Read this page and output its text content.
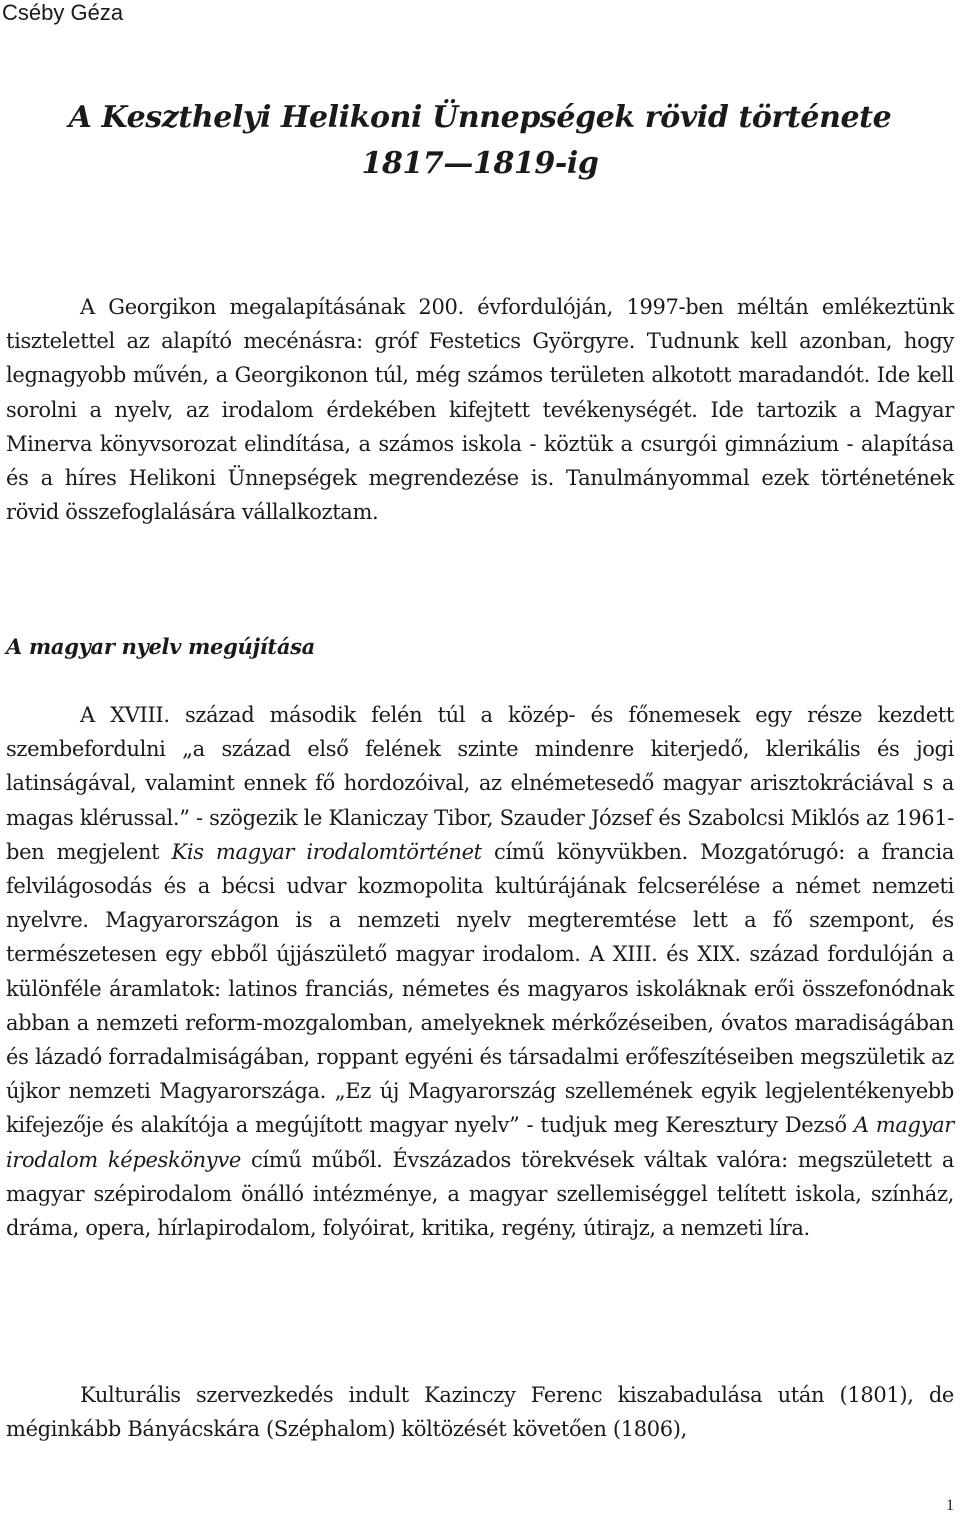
Cséby Géza
A Keszthelyi Helikoni Ünnepségek rövid története
1817—1819-ig
A Georgikon megalapításának 200. évfordulóján, 1997-ben méltán emlékeztünk tisztelettel az alapító mecénásra: gróf Festetics Györgyre. Tudnunk kell azonban, hogy legnagyobb művén, a Georgikonon túl, még számos területen alkotott maradandót. Ide kell sorolni a nyelv, az irodalom érdekében kifejtett tevékenységét. Ide tartozik a Magyar Minerva könyvsorozat elindítása, a számos iskola - köztük a csurgói gimnázium - alapítása és a híres Helikoni Ünnepségek megrendezése is. Tanulmányommal ezek történetének rövid összefoglalására vállalkoztam.
A magyar nyelv megújítása
A XVIII. század második felén túl a közép- és főnemesek egy része kezdett szembefordulni „a század első felének szinte mindenre kiterjedő, klerikális és jogi latinságával, valamint ennek fő hordozóival, az elnémetesedő magyar arisztokráciával s a magas klérussal.” - szögezik le Klaniczay Tibor, Szauder József és Szabolcsi Miklós az 1961-ben megjelent Kis magyar irodalomtörténet című könyvükben. Mozgatórugó: a francia felvilágosodás és a bécsi udvar kozmopolita kultúrájának felcserélése a német nemzeti nyelvre. Magyarországon is a nemzeti nyelv megteremtése lett a fő szempont, és természetesen egy ebből újjászülető magyar irodalom. A XIII. és XIX. század fordulóján a különféle áramlatok: latinos franciás, németes és magyaros iskoláknak erői összefonódnak abban a nemzeti reform-mozgalomban, amelyeknek mérkőzéseiben, óvatos maradiságában és lázadó forradalmiságában, roppant egyéni és társadalmi erőfeszítéseiben megszületik az újkor nemzeti Magyarországa. „Ez új Magyarország szellemének egyik legjelentékenyebb kifejezője és alakítója a megújított magyar nyelv” - tudjuk meg Keresztury Dezső A magyar irodalom képeskönyve című műből. Évszázados törekvések váltak valóra: megszületett a magyar szépirodalom önálló intézménye, a magyar szellemiséggel telített iskola, színház, dráma, opera, hírlapirodalom, folyóirat, kritika, regény, útirajz, a nemzeti líra.
Kulturális szervezkedés indult Kazinczy Ferenc kiszabadulása után (1801), de méginkább Bányácskára (Széphalom) költözését követően (1806),
1
